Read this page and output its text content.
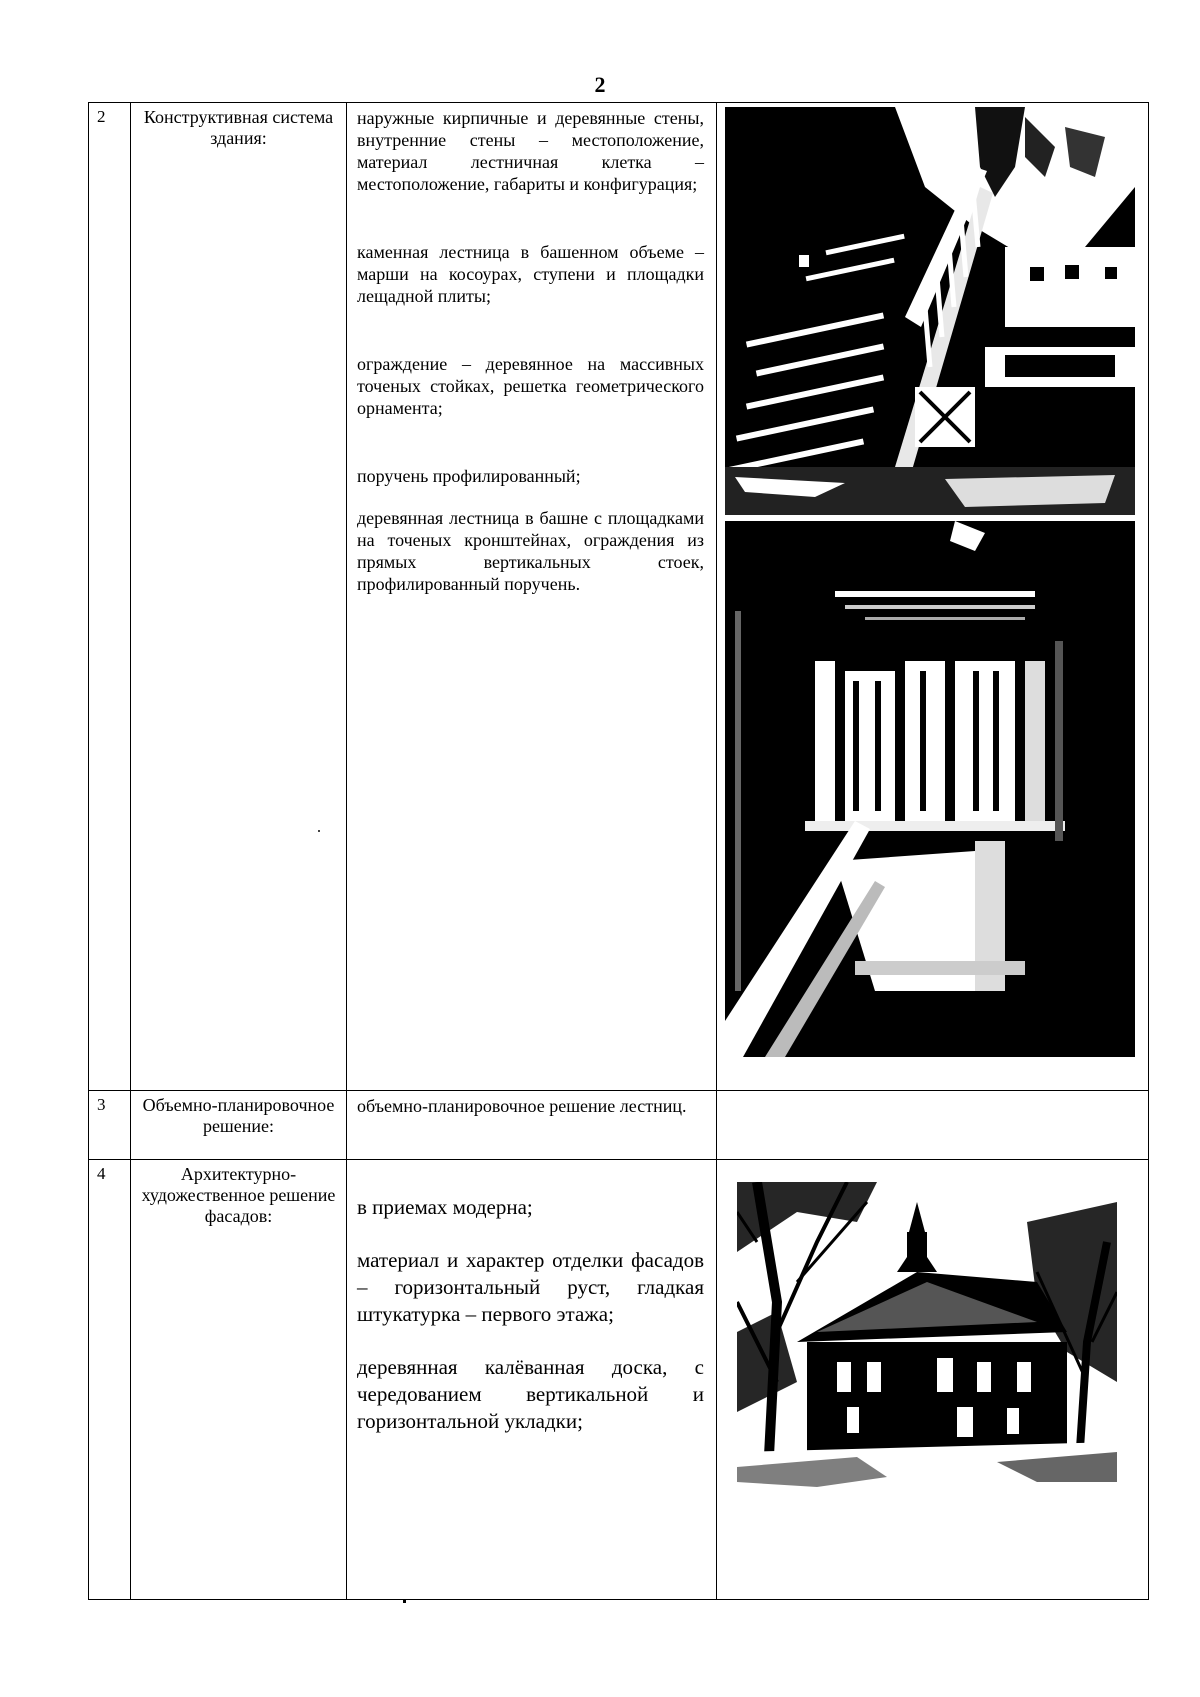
2
2	Конструктивная система здания:	наружные кирпичные и деревянные стены, внутренние стены – местоположение, материал лестничная клетка – местоположение, габариты и конфигурация;

каменная лестница в башенном объеме – марши на косоурах, ступени и площадки лещадной плиты;

ограждение – деревянное на массивных точеных стойках, решетка геометрического орнамента;

поручень профилированный;

деревянная лестница в башне с площадками на точеных кронштейнах, ограждения из прямых вертикальных стоек, профилированный поручень.

3	Объемно-планировочное решение:	объемно-планировочное решение лестниц.	

4	Архитектурно-художественное решение фасадов:	в приемах модерна;

материал и характер отделки фасадов – горизонтальный руст, гладкая штукатурка – первого этажа;

деревянная калёванная доска, с чередованием вертикальной и горизонтальной укладки;
